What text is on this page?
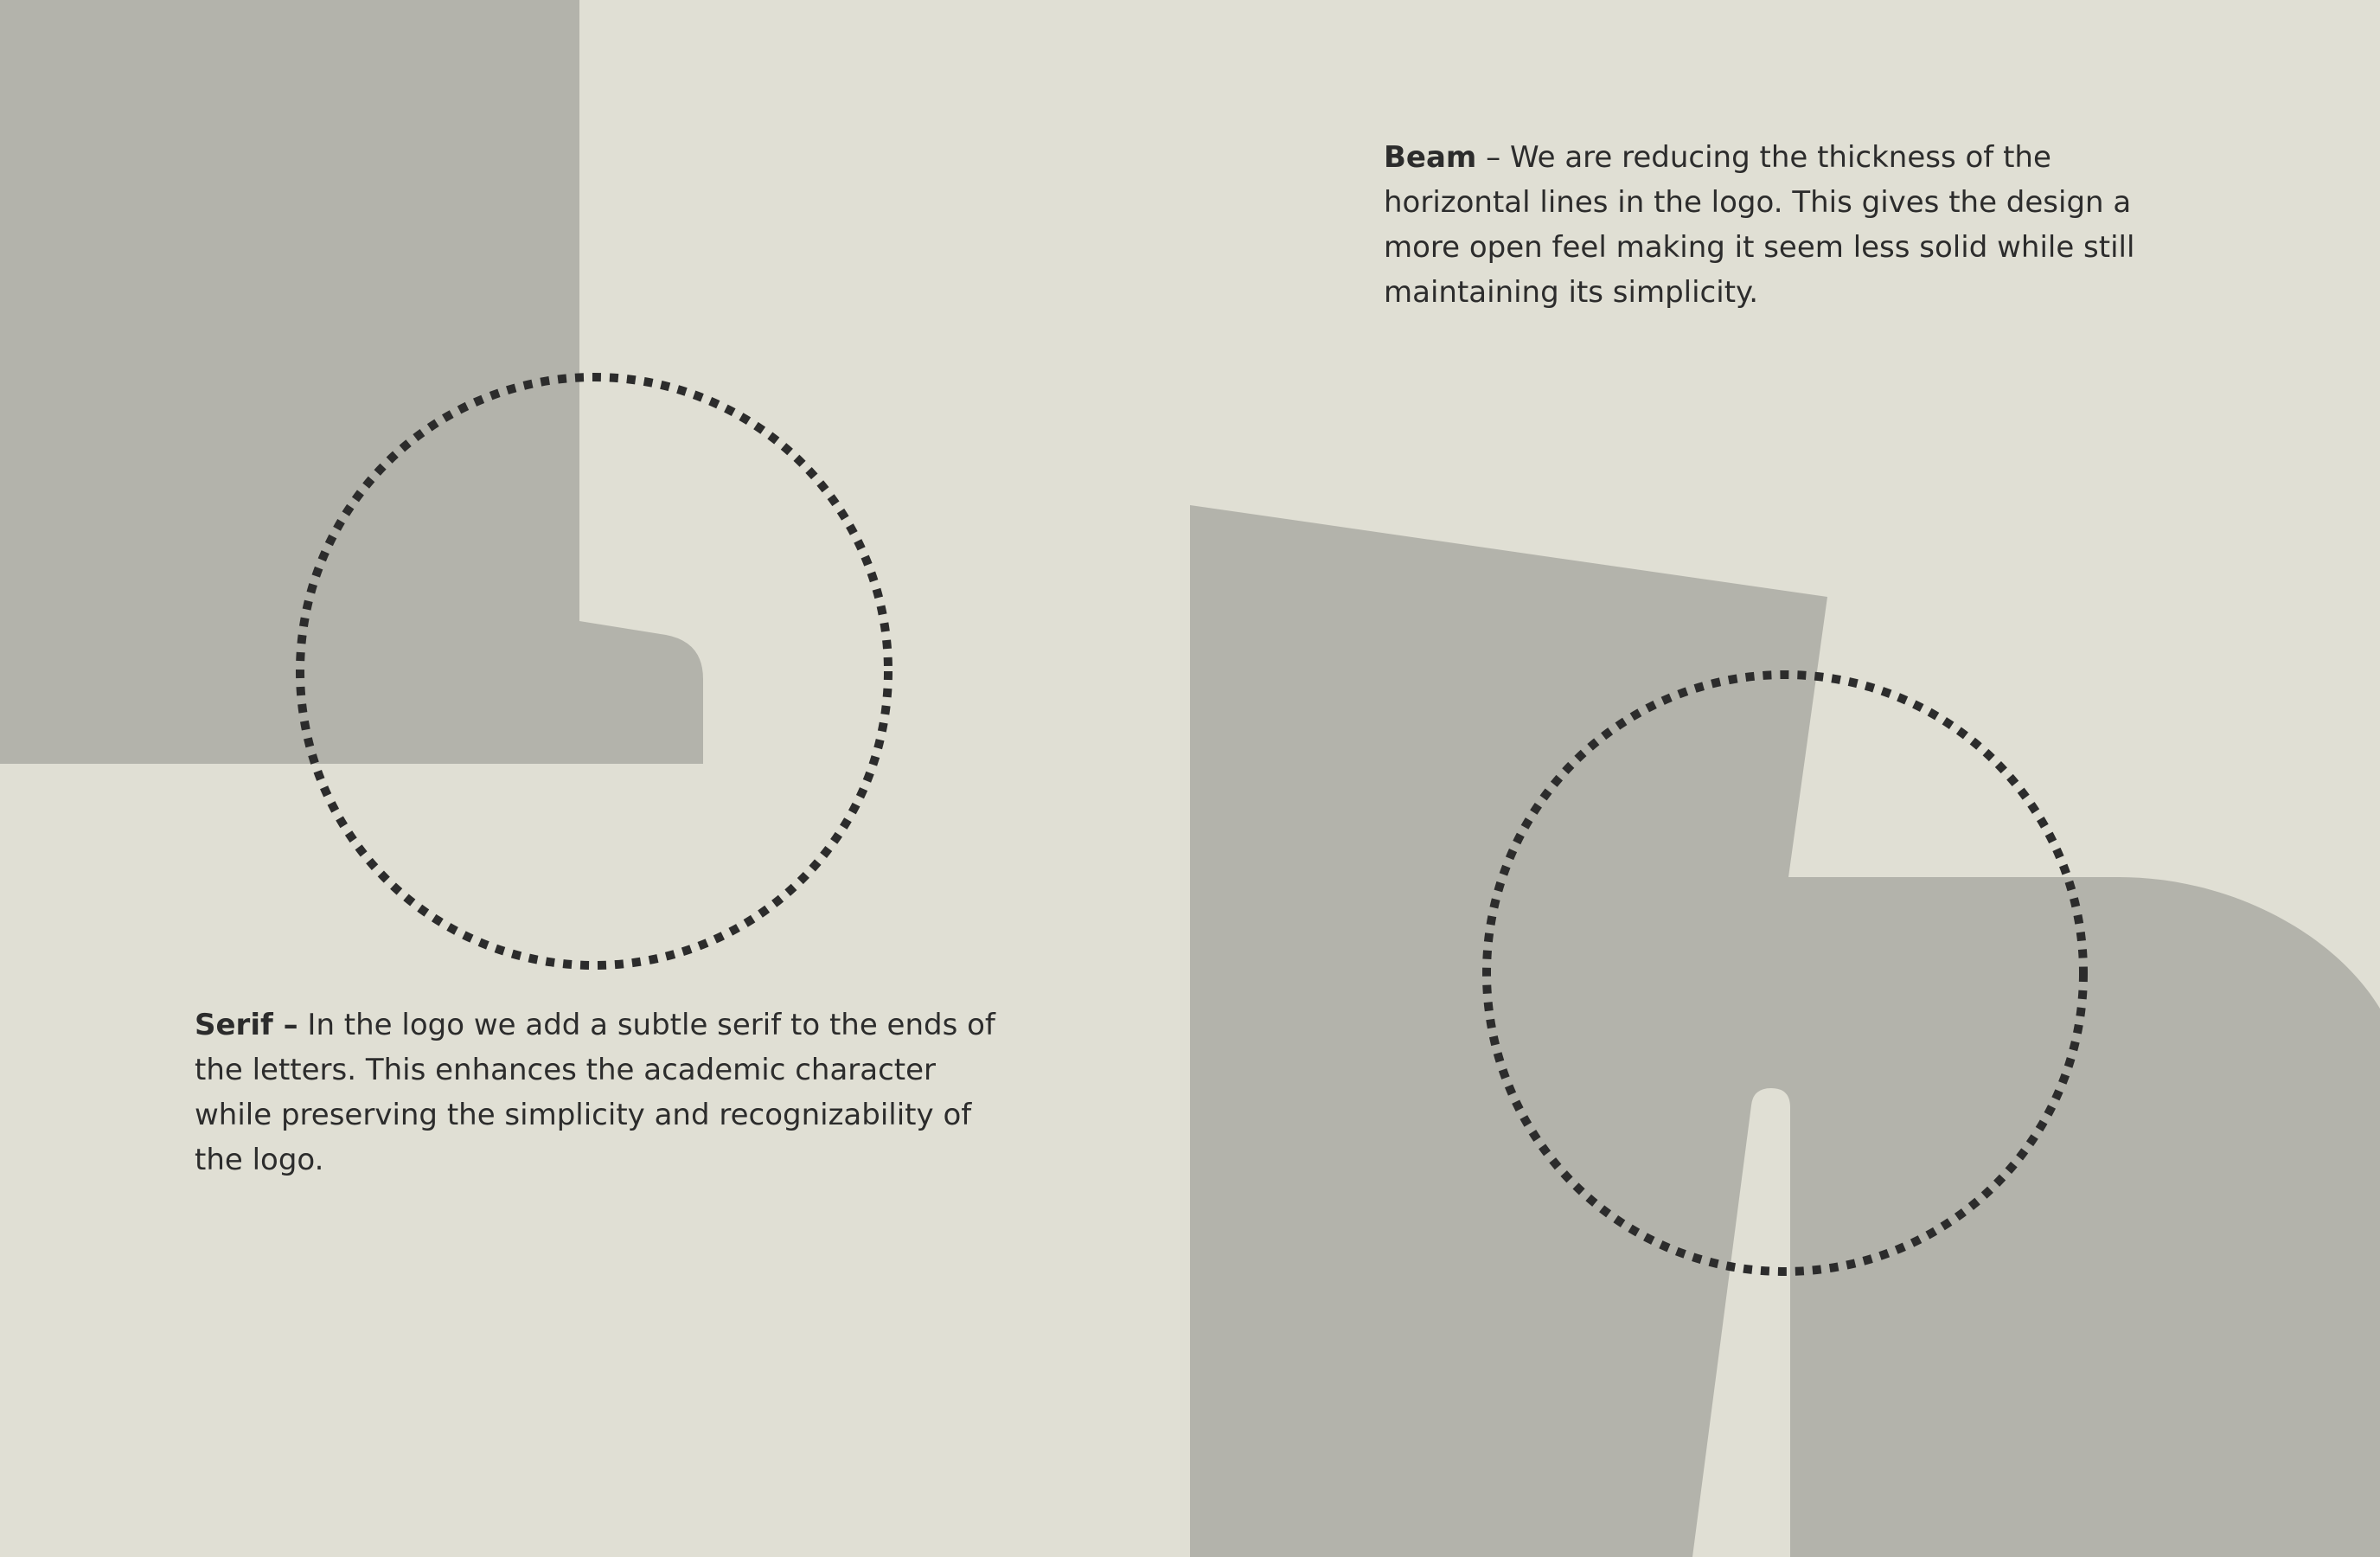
Beam – We are reducing the thickness of the horizontal lines in the logo. This gives the design a more open feel making it seem less solid while still maintaining its simplicity.

Serif – In the logo we add a subtle serif to the ends of the letters. This enhances the academic character while preserving the simplicity and recognizability of the logo.
